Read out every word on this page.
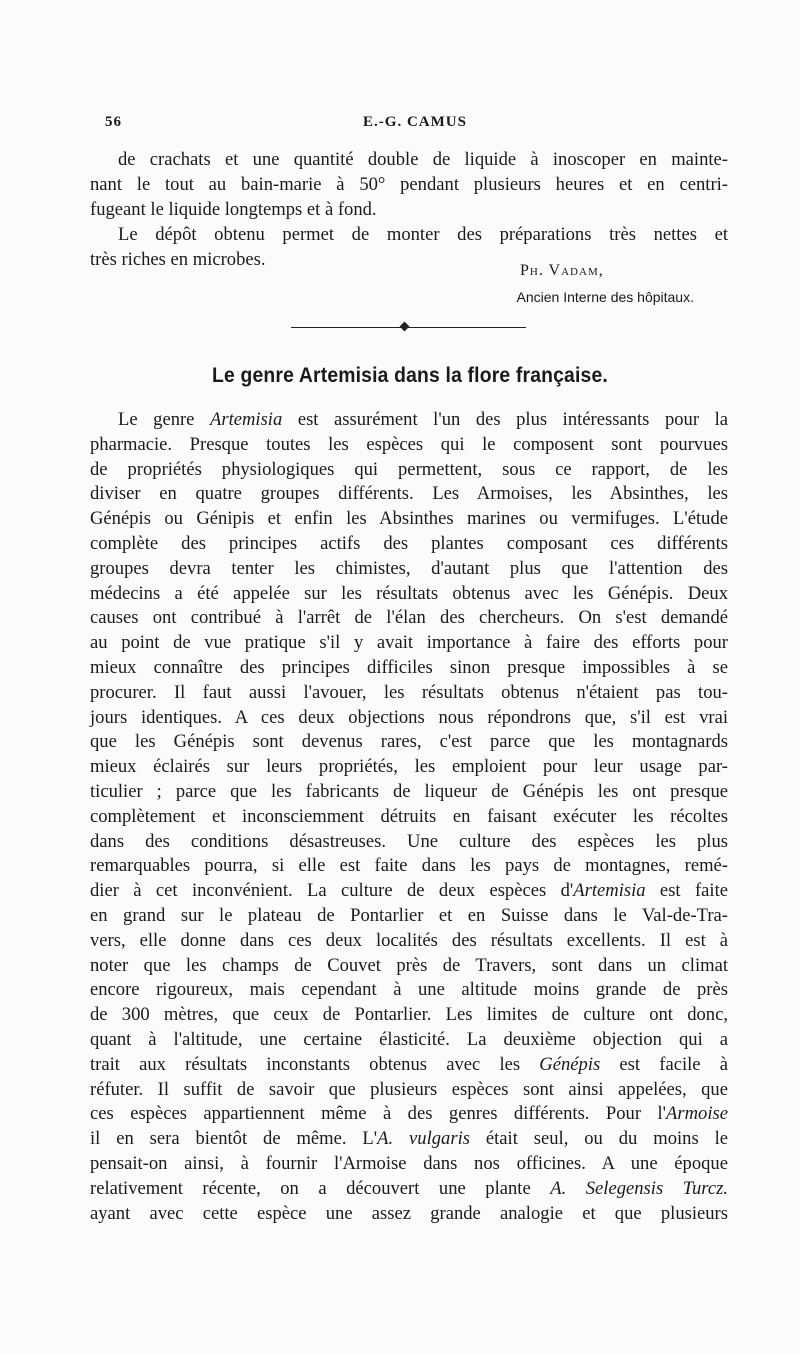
56	E.-G. CAMUS
de crachats et une quantité double de liquide à inoscoper en mainte-
nant le tout au bain-marie à 50° pendant plusieurs heures et en centri-
fugeant le liquide longtemps et à fond.
Le dépôt obtenu permet de monter des préparations très nettes et
très riches en microbes.
Ph. Vadam,
Ancien Interne des hôpitaux.
Le genre Artemisia dans la flore française.
Le genre Artemisia est assurément l'un des plus intéressants pour la
pharmacie. Presque toutes les espèces qui le composent sont pourvues
de propriétés physiologiques qui permettent, sous ce rapport, de les
diviser en quatre groupes différents. Les Armoises, les Absinthes, les
Génépis ou Génipis et enfin les Absinthes marines ou vermifuges. L'étude
complète des principes actifs des plantes composant ces différents
groupes devra tenter les chimistes, d'autant plus que l'attention des
médecins a été appelée sur les résultats obtenus avec les Génépis. Deux
causes ont contribué à l'arrêt de l'élan des chercheurs. On s'est demandé
au point de vue pratique s'il y avait importance à faire des efforts pour
mieux connaître des principes difficiles sinon presque impossibles à se
procurer. Il faut aussi l'avouer, les résultats obtenus n'étaient pas tou-
jours identiques. A ces deux objections nous répondrons que, s'il est vrai
que les Génépis sont devenus rares, c'est parce que les montagnards
mieux éclairés sur leurs propriétés, les emploient pour leur usage par-
ticulier ; parce que les fabricants de liqueur de Génépis les ont presque
complètement et inconsciemment détruits en faisant exécuter les récoltes
dans des conditions désastreuses. Une culture des espèces les plus
remarquables pourra, si elle est faite dans les pays de montagnes, remé-
dier à cet inconvénient. La culture de deux espèces d'Artemisia est faite
en grand sur le plateau de Pontarlier et en Suisse dans le Val-de-Tra-
vers, elle donne dans ces deux localités des résultats excellents. Il est à
noter que les champs de Couvet près de Travers, sont dans un climat
encore rigoureux, mais cependant à une altitude moins grande de près
de 300 mètres, que ceux de Pontarlier. Les limites de culture ont donc,
quant à l'altitude, une certaine élasticité. La deuxième objection qui a
trait aux résultats inconstants obtenus avec les Génépis est facile à
réfuter. Il suffit de savoir que plusieurs espèces sont ainsi appelées, que
ces espèces appartiennent même à des genres différents. Pour l'Armoise
il en sera bientôt de même. L'A. vulgaris était seul, ou du moins le
pensait-on ainsi, à fournir l'Armoise dans nos officines. A une époque
relativement récente, on a découvert une plante A. Selegensis Turcz.
ayant avec cette espèce une assez grande analogie et que plusieurs
